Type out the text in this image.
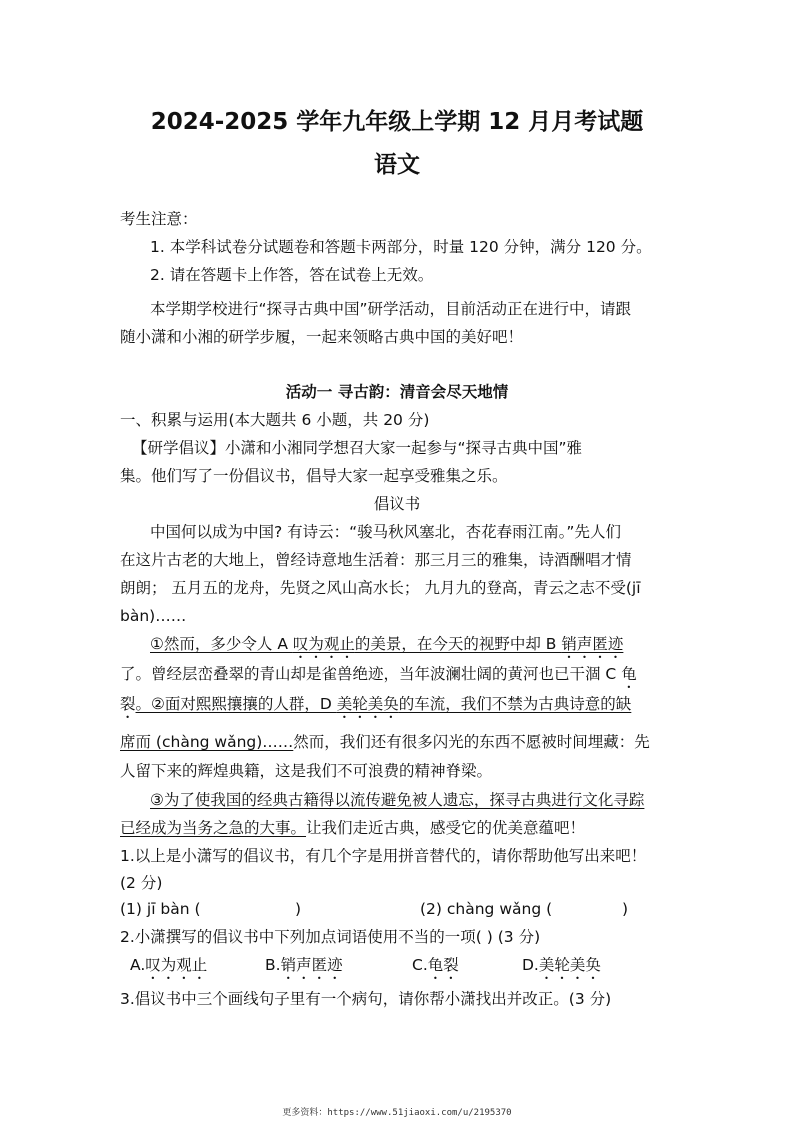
2024-2025 学年九年级上学期 12 月月考试题
语文
考生注意：
1. 本学科试卷分试题卷和答题卡两部分，时量 120 分钟，满分 120 分。
2. 请在答题卡上作答，答在试卷上无效。
本学期学校进行“探寻古典中国”研学活动，目前活动正在进行中，请跟
随小潇和小湘的研学步履，一起来领略古典中国的美好吧！
活动一 寻古韵：清音会尽天地情
一、积累与运用(本大题共 6 小题，共 20 分)
【研学倡议】小潇和小湘同学想召大家一起参与“探寻古典中国”雅
集。他们写了一份倡议书，倡导大家一起享受雅集之乐。
倡议书
中国何以成为中国? 有诗云：“骏马秋风塞北，杏花春雨江南。”先人们
在这片古老的大地上，曾经诗意地生活着：那三月三的雅集，诗酒酬唱才情
朗朗； 五月五的龙舟，先贤之风山高水长； 九月九的登高，青云之志不受(jī
bàn)……
①然而，多少令人 A 叹为观止的美景，在今天的视野中却 B 销声匿迹
了。曾经层峦叠翠的青山却是雀兽绝迹，当年波澜壮阔的黄河也已干涸 C 龟
裂。②面对熙熙攘攘的人群，D 美轮美奂的车流，我们不禁为古典诗意的缺
席而 (chàng wǎng)……然而，我们还有很多闪光的东西不愿被时间埋藏：先
人留下来的辉煌典籍，这是我们不可浪费的精神脊梁。
③为了使我国的经典古籍得以流传避免被人遗忘，探寻古典进行文化寻踪
已经成为当务之急的大事。让我们走近古典，感受它的优美意蕴吧！
1.以上是小潇写的倡议书，有几个字是用拼音替代的，请你帮助他写出来吧！
(2 分)
(1) jī bàn (	)	(2) chàng wǎng (	)
2.小潇撰写的倡议书中下列加点词语使用不当的一项( ) (3 分)
A.叹为观止	B.销声匿迹	C.龟裂	D.美轮美奂
3.倡议书中三个画线句子里有一个病句，请你帮小潇找出并改正。(3 分)
更多资料：https://www.51jiaoxi.com/u/2195370
